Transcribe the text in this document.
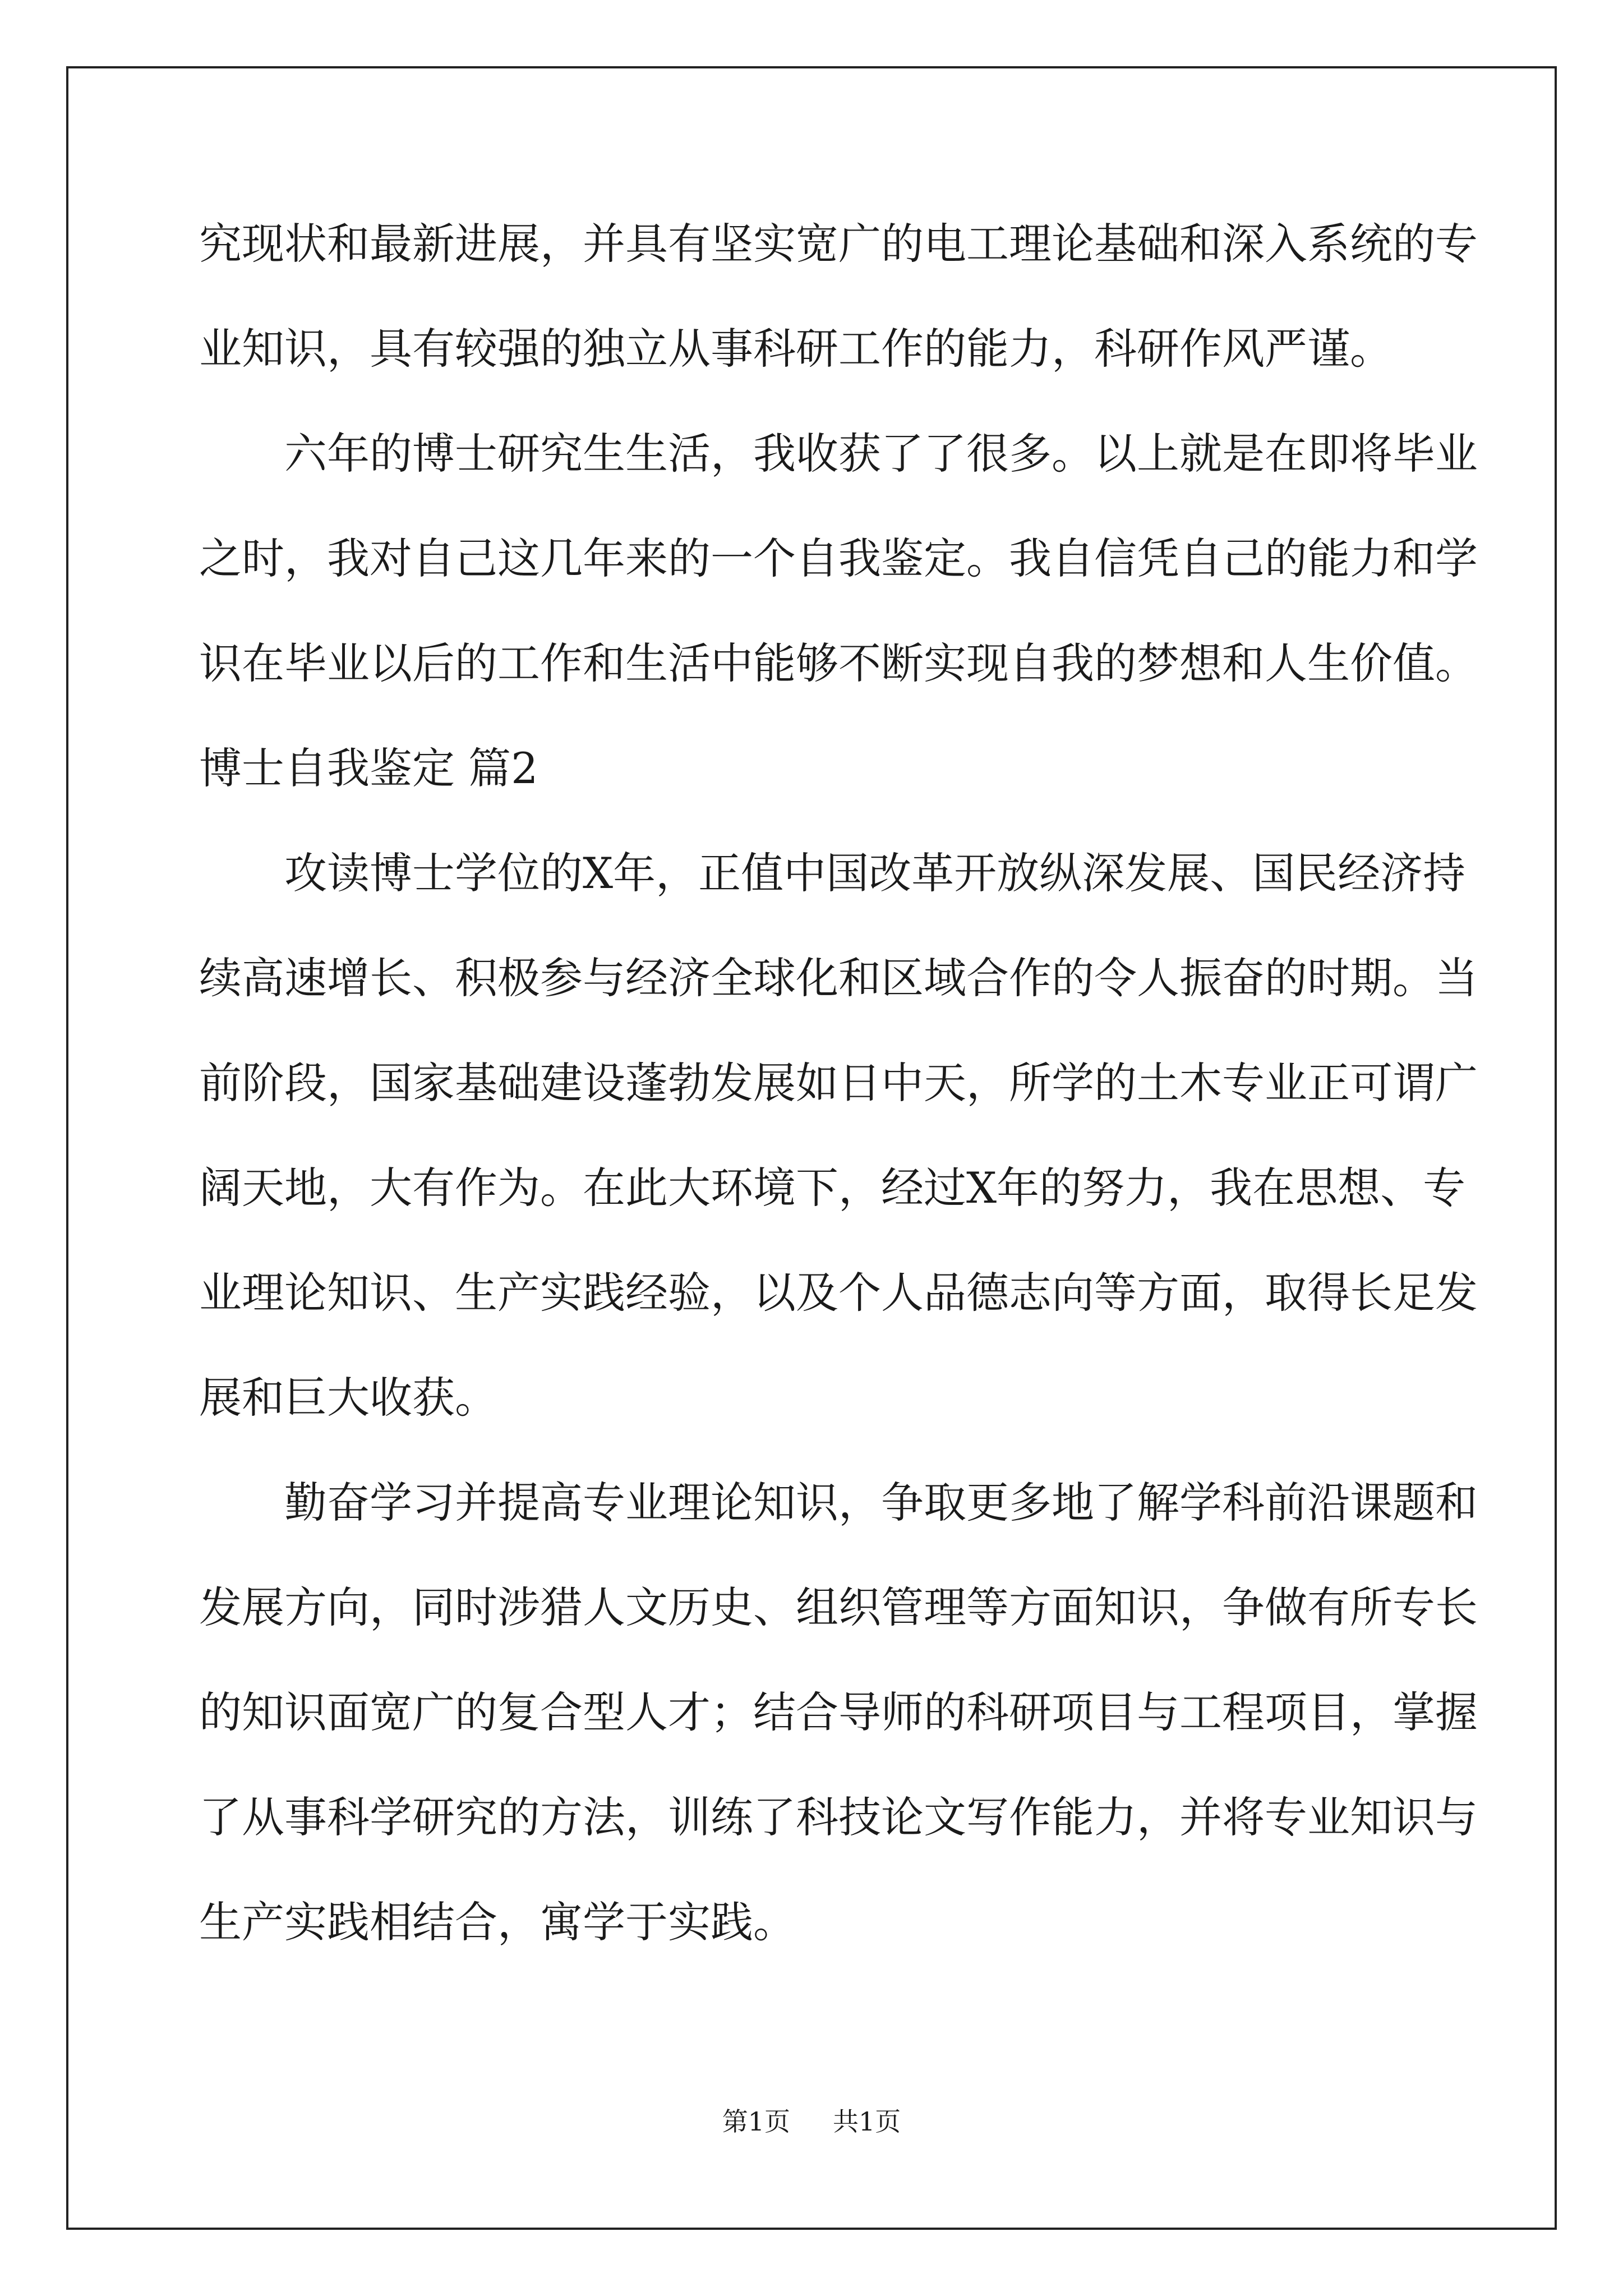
究现状和最新进展，并具有坚实宽广的电工理论基础和深入系统的专
业知识，具有较强的独立从事科研工作的能力，科研作风严谨。
六年的博士研究生生活，我收获了了很多。以上就是在即将毕业
之时，我对自己这几年来的一个自我鉴定。我自信凭自己的能力和学
识在毕业以后的工作和生活中能够不断实现自我的梦想和人生价值。
博士自我鉴定 篇2
攻读博士学位的X年，正值中国改革开放纵深发展、国民经济持
续高速增长、积极参与经济全球化和区域合作的令人振奋的时期。当
前阶段，国家基础建设蓬勃发展如日中天，所学的土木专业正可谓广
阔天地，大有作为。在此大环境下，经过X年的努力，我在思想、专
业理论知识、生产实践经验，以及个人品德志向等方面，取得长足发
展和巨大收获。
勤奋学习并提高专业理论知识，争取更多地了解学科前沿课题和
发展方向，同时涉猎人文历史、组织管理等方面知识，争做有所专长
的知识面宽广的复合型人才；结合导师的科研项目与工程项目，掌握
了从事科学研究的方法，训练了科技论文写作能力，并将专业知识与
生产实践相结合，寓学于实践。
第1页 共1页
